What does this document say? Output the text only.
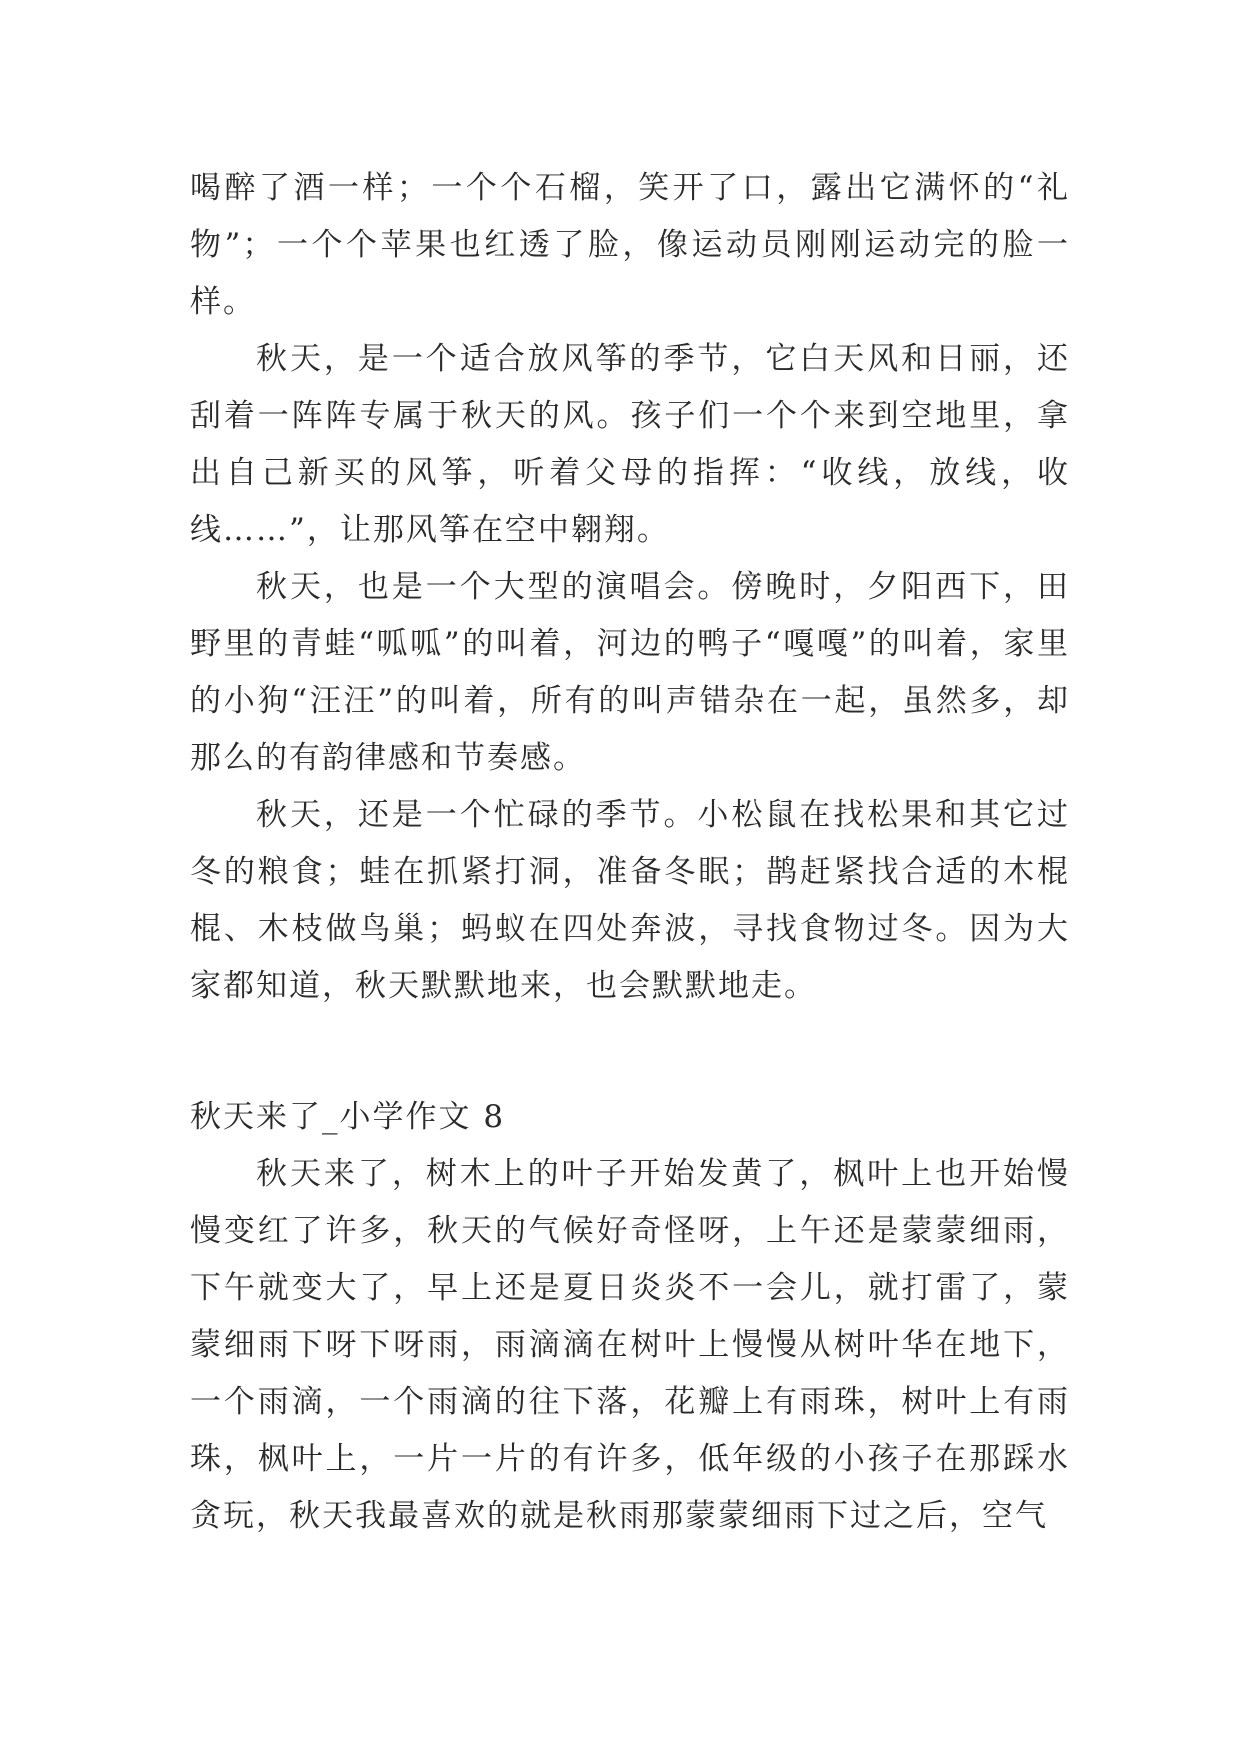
喝醉了酒一样；一个个石榴，笑开了口，露出它满怀的“礼物”；一个个苹果也红透了脸，像运动员刚刚运动完的脸一样。

秋天，是一个适合放风筝的季节，它白天风和日丽，还刮着一阵阵专属于秋天的风。孩子们一个个来到空地里，拿出自己新买的风筝，听着父母的指挥：“收线，放线，收线……”，让那风筝在空中翱翔。

秋天，也是一个大型的演唱会。傍晚时，夕阳西下，田野里的青蛙“呱呱”的叫着，河边的鸭子“嘎嘎”的叫着，家里的小狗“汪汪”的叫着，所有的叫声错杂在一起，虽然多，却那么的有韵律感和节奏感。

秋天，还是一个忙碌的季节。小松鼠在找松果和其它过冬的粮食；蛙在抓紧打洞，准备冬眠；鹊赶紧找合适的木棍棍、木枝做鸟巢；蚂蚁在四处奔波，寻找食物过冬。因为大家都知道，秋天默默地来，也会默默地走。

秋天来了_小学作文 8

秋天来了，树木上的叶子开始发黄了，枫叶上也开始慢慢变红了许多，秋天的气候好奇怪呀，上午还是蒙蒙细雨，下午就变大了，早上还是夏日炎炎不一会儿，就打雷了，蒙蒙细雨下呀下呀雨，雨滴滴在树叶上慢慢从树叶华在地下，一个雨滴，一个雨滴的往下落，花瓣上有雨珠，树叶上有雨珠，枫叶上，一片一片的有许多，低年级的小孩子在那踩水贪玩，秋天我最喜欢的就是秋雨那蒙蒙细雨下过之后，空气
